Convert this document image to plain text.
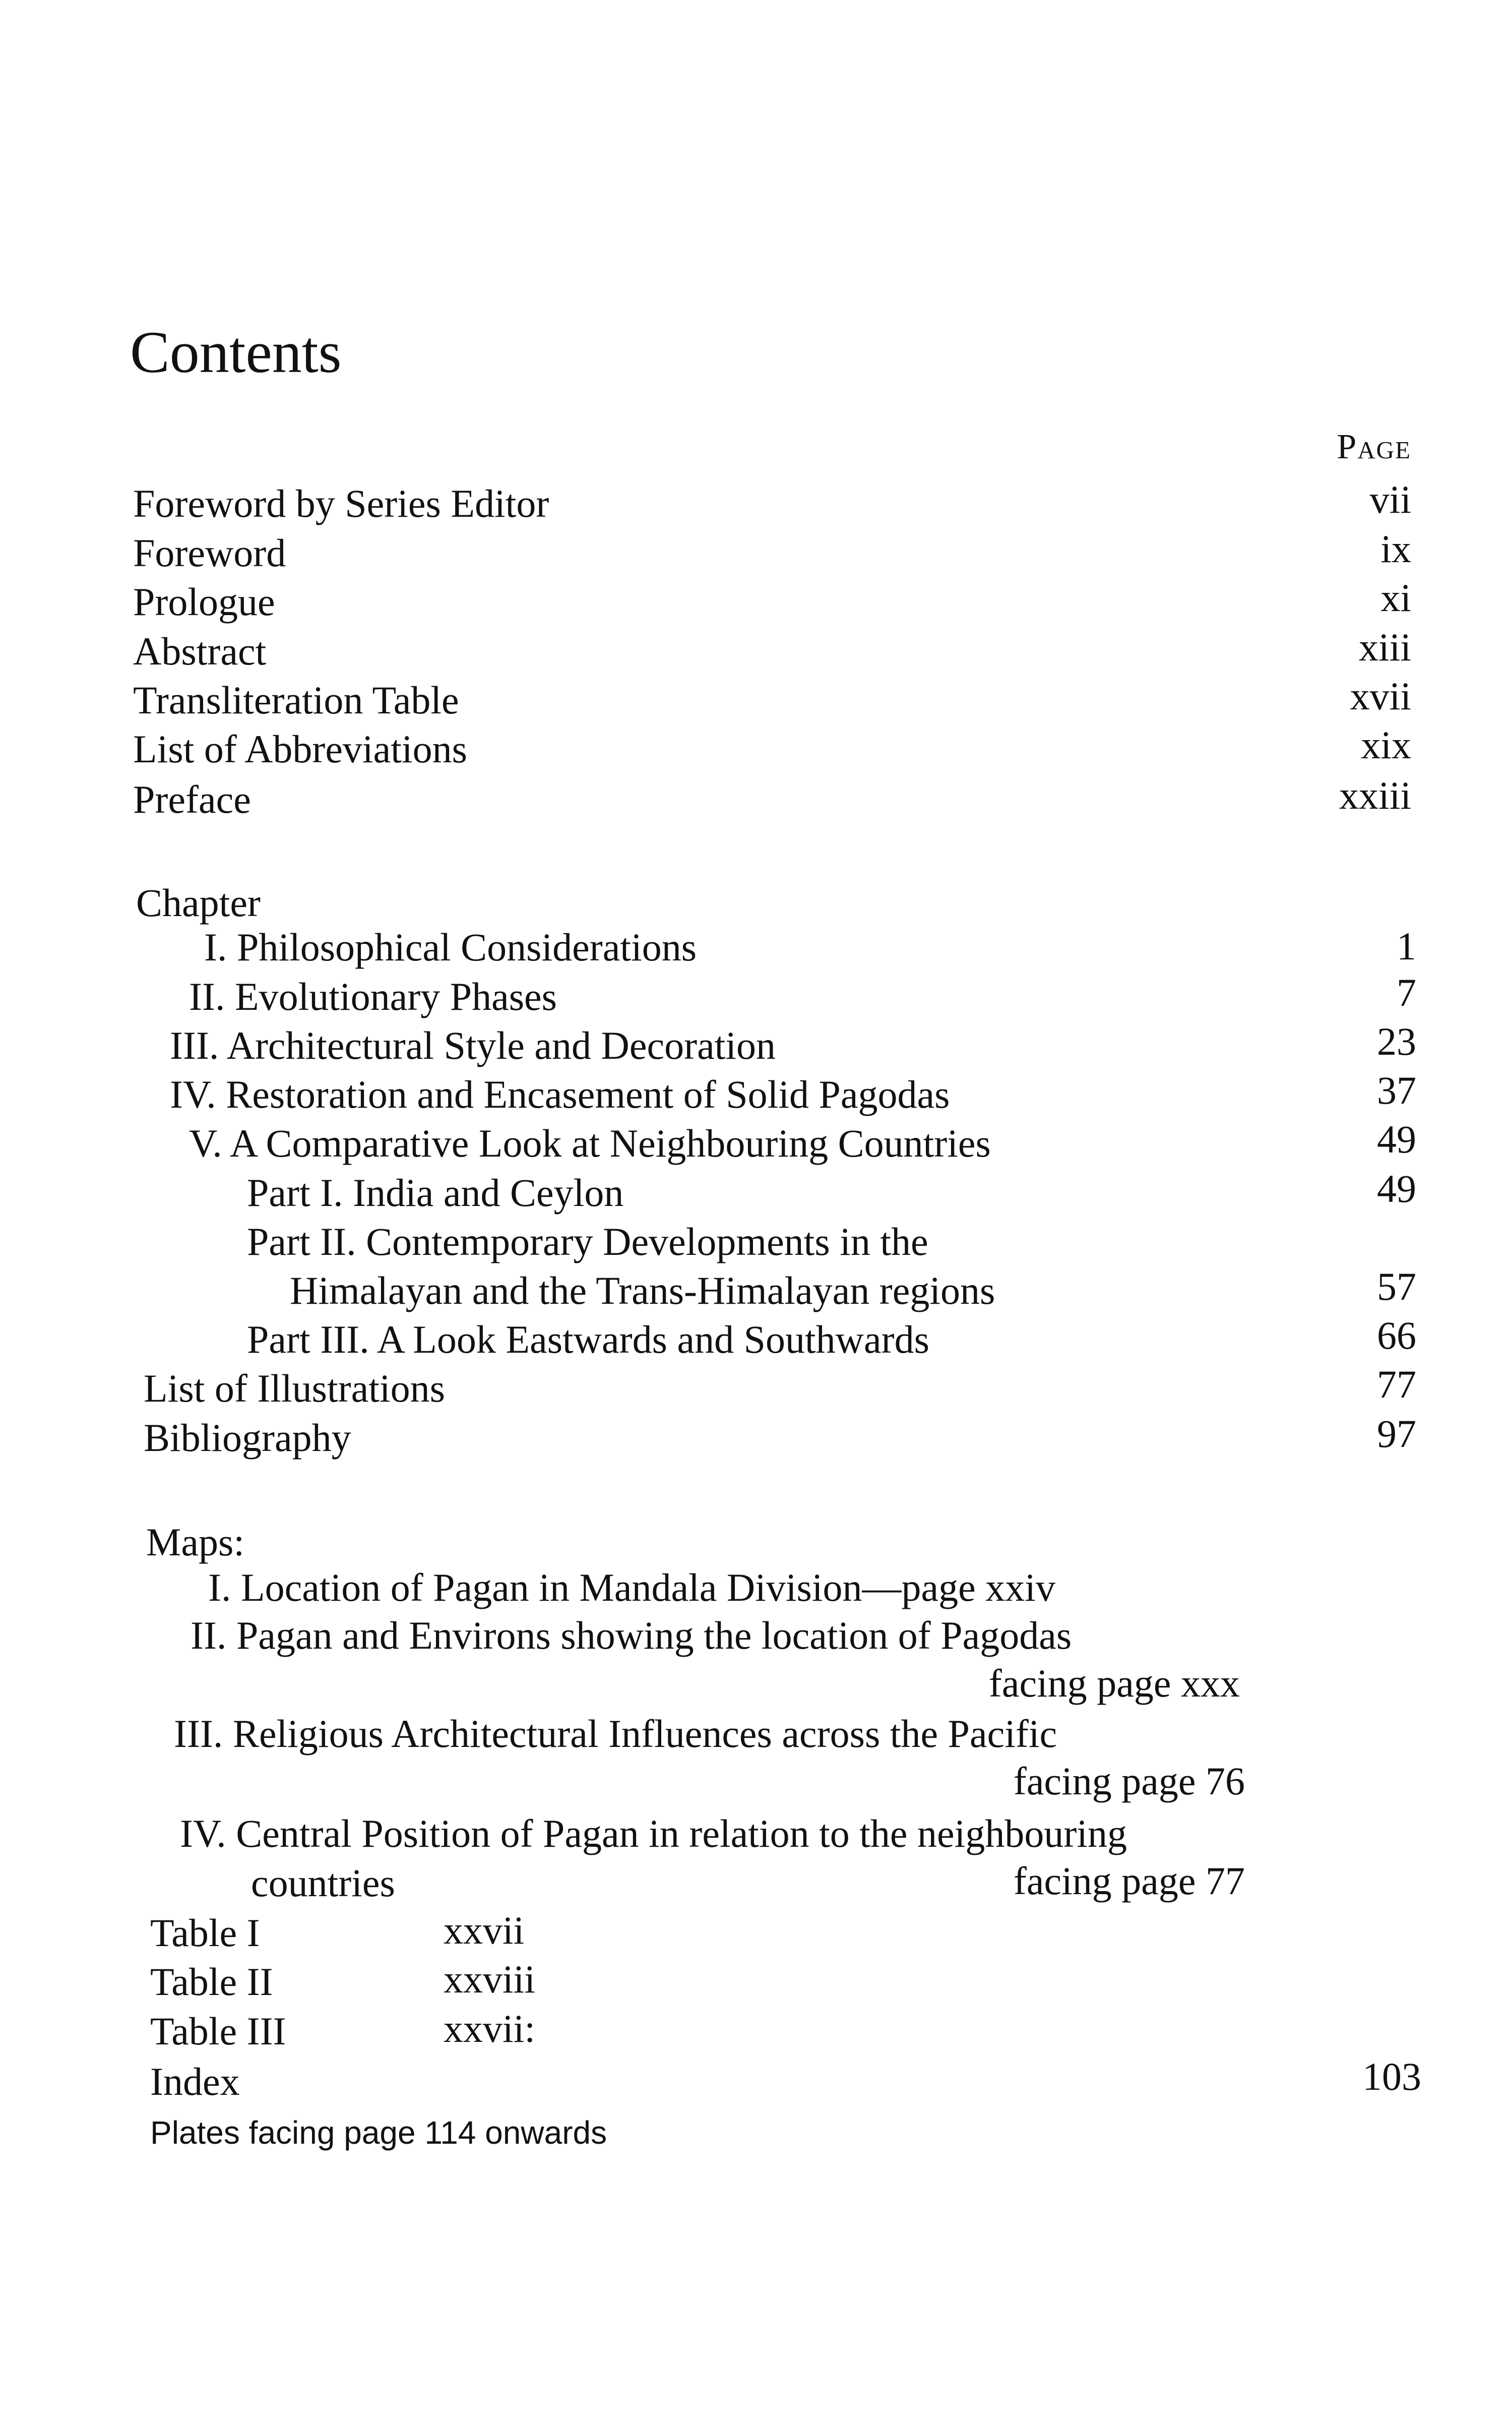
Contents
Page
Foreword by Series Editor	vii
Foreword	ix
Prologue	xi
Abstract	xiii
Transliteration Table	xvii
List of Abbreviations	xix
Preface	xxiii
Chapter
I. Philosophical Considerations	1
II. Evolutionary Phases	7
III. Architectural Style and Decoration	23
IV. Restoration and Encasement of Solid Pagodas	37
V. A Comparative Look at Neighbouring Countries	49
Part I. India and Ceylon	49
Part II. Contemporary Developments in the
Himalayan and the Trans-Himalayan regions	57
Part III. A Look Eastwards and Southwards	66
List of Illustrations	77
Bibliography	97
Maps:
I. Location of Pagan in Mandala Division—page xxiv
II. Pagan and Environs showing the location of Pagodas
facing page xxx
III. Religious Architectural Influences across the Pacific
facing page 76
IV. Central Position of Pagan in relation to the neighbouring
countries	facing page 77
Table I	xxvii
Table II	xxviii
Table III	xxvii:
Index	103
Plates facing page 114 onwards
